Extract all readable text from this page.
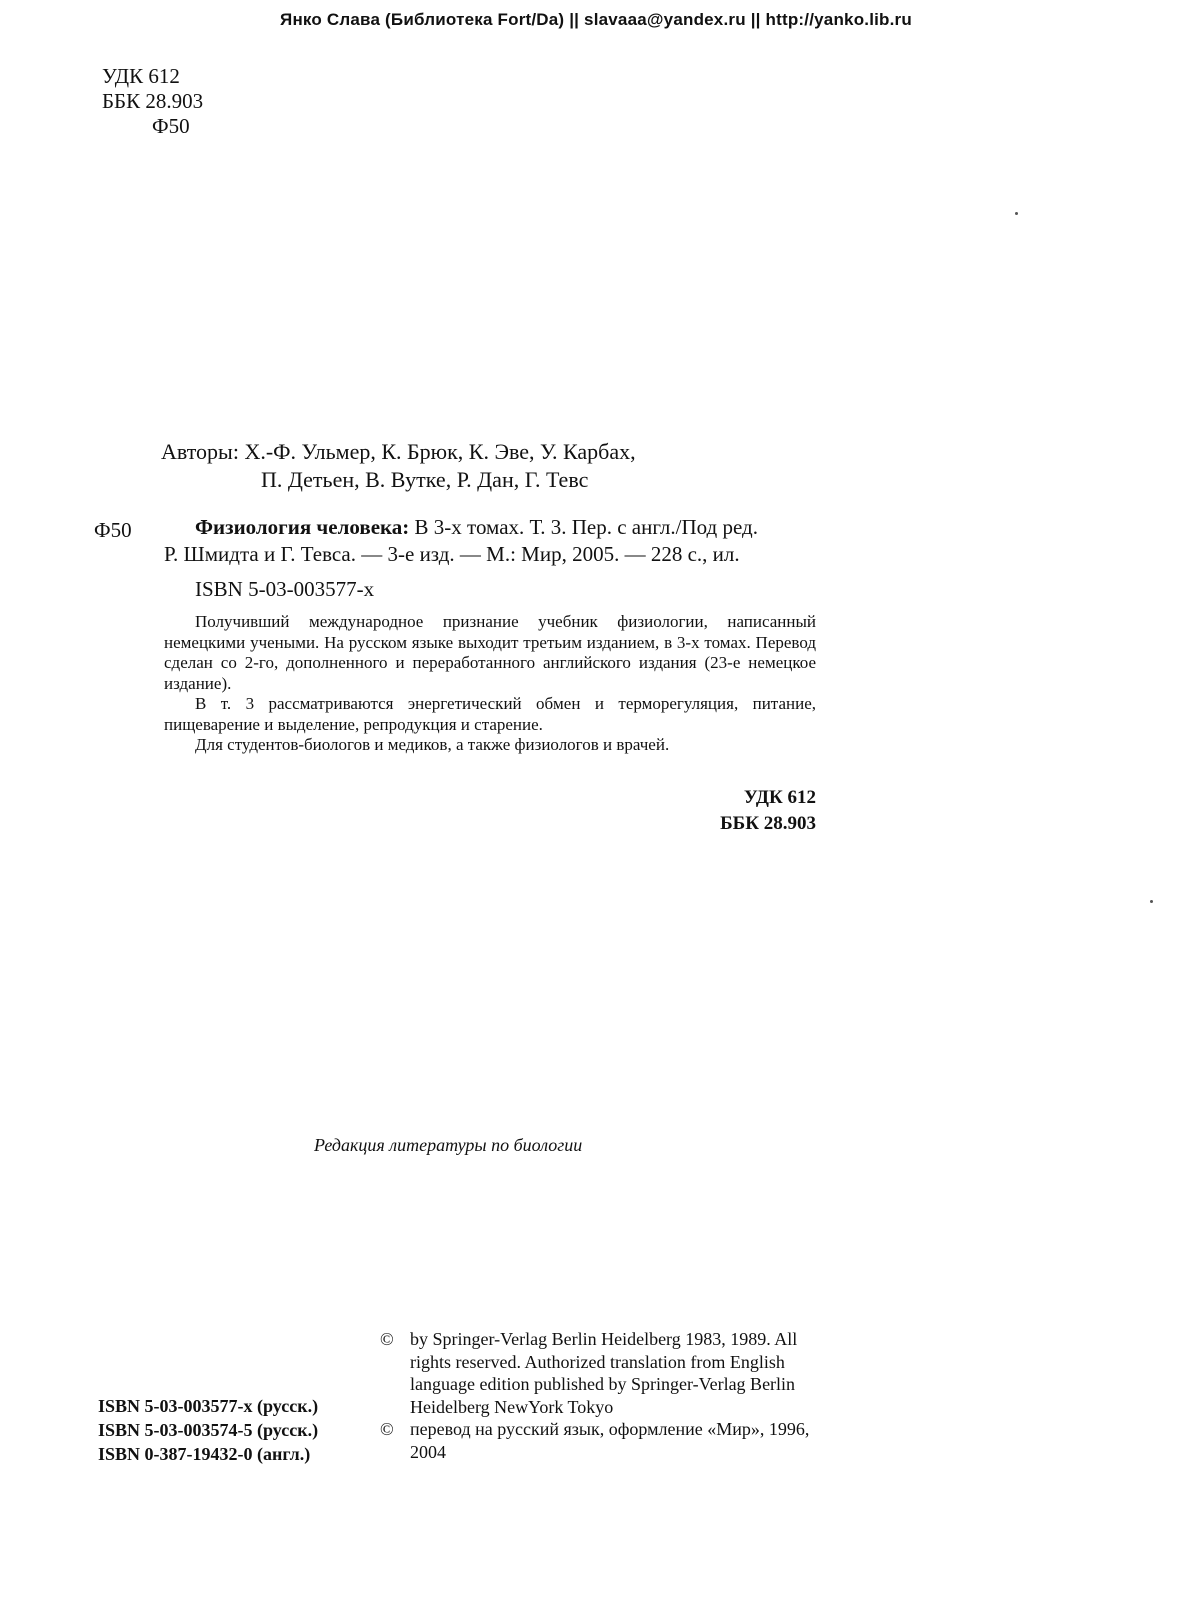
Янко Слава (Библиотека Fort/Da) || slavaaa@yandex.ru || http://yanko.lib.ru
УДК 612
ББК 28.903
Ф50
Авторы: Х.-Ф. Ульмер, К. Брюк, К. Эве, У. Карбах,
П. Детьен, В. Вутке, Р. Дан, Г. Тевс
Ф50	Физиология человека: В 3-х томах. Т. 3. Пер. с англ./Под ред.
Р. Шмидта и Г. Тевса. — 3-е изд. — М.: Мир, 2005. — 228 с., ил.
ISBN 5-03-003577-х

Получивший международное признание учебник физиологии, написанный немецкими учеными. На русском языке выходит третьим изданием, в 3-х томах. Перевод сделан со 2-го, дополненного и переработанного английского издания (23-е немецкое издание).

В т. 3 рассматриваются энергетический обмен и терморегуляция, питание, пищеварение и выделение, репродукция и старение.

Для студентов-биологов и медиков, а также физиологов и врачей.

УДК 612
ББК 28.903
Редакция литературы по биологии
© by Springer-Verlag Berlin Heidelberg 1983, 1989. All rights reserved. Authorized translation from English language edition published by Springer-Verlag Berlin Heidelberg NewYork Tokyo
© перевод на русский язык, оформление «Мир», 1996, 2004
ISBN 5-03-003577-х (русск.)
ISBN 5-03-003574-5 (русск.)
ISBN 0-387-19432-0 (англ.)
